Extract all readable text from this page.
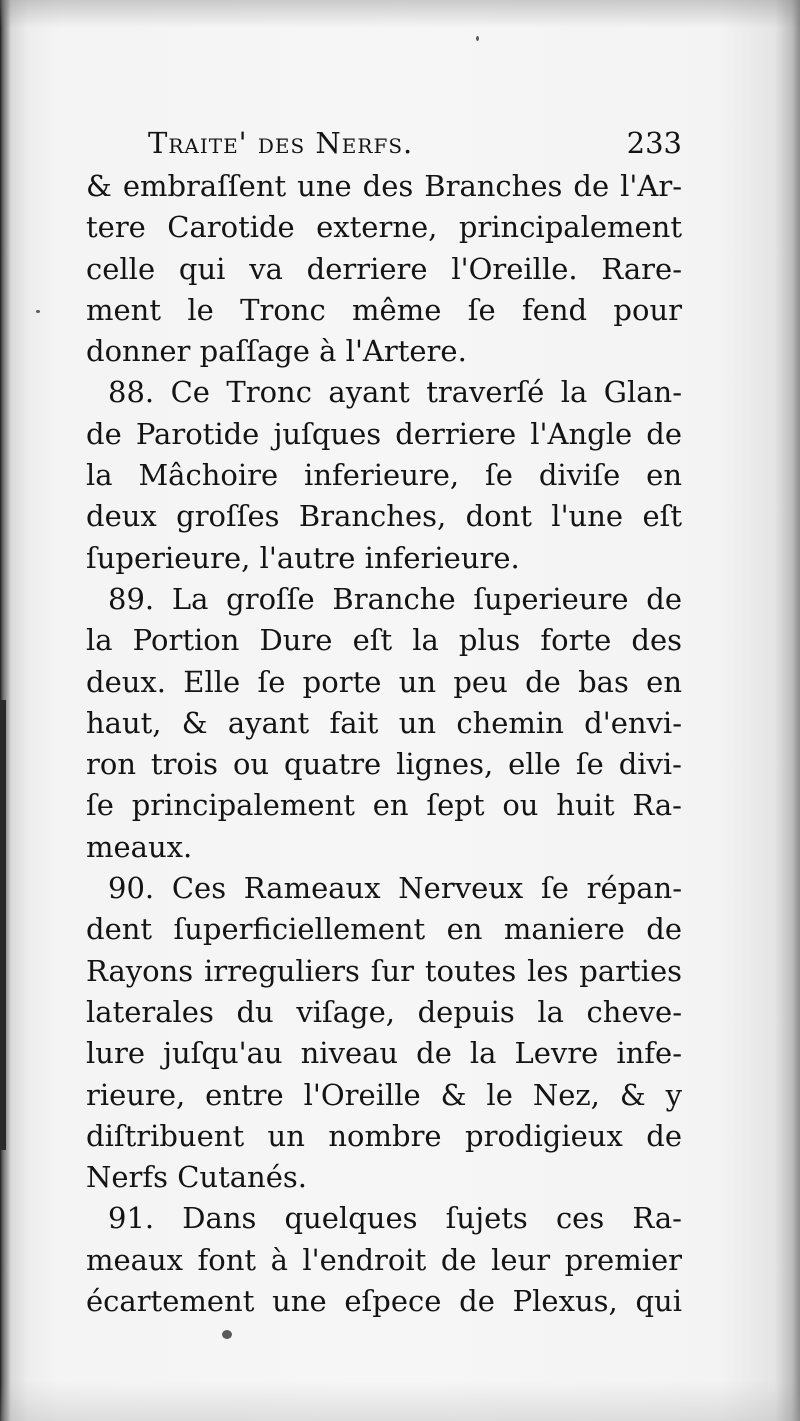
Traite' des Nerfs.	233
& embraſſent une des Branches de l'Ar-
tere Carotide externe, principalement
celle qui va derriere l'Oreille. Rare-
ment le Tronc même ſe fend pour
donner paſſage à l'Artere.
88. Ce Tronc ayant traverſé la Glan-
de Parotide juſques derriere l'Angle de
la Mâchoire inferieure, ſe diviſe en
deux groſſes Branches, dont l'une eſt
ſuperieure, l'autre inferieure.
89. La groſſe Branche ſuperieure de
la Portion Dure eſt la plus forte des
deux. Elle ſe porte un peu de bas en
haut, & ayant fait un chemin d'envi-
ron trois ou quatre lignes, elle ſe divi-
ſe principalement en ſept ou huit Ra-
meaux.
90. Ces Rameaux Nerveux ſe répan-
dent ſuperficiellement en maniere de
Rayons irreguliers ſur toutes les parties
laterales du viſage, depuis la cheve-
lure juſqu'au niveau de la Levre infe-
rieure, entre l'Oreille & le Nez, & y
diſtribuent un nombre prodigieux de
Nerfs Cutanés.
91. Dans quelques ſujets ces Ra-
meaux font à l'endroit de leur premier
écartement une eſpece de Plexus, qui
